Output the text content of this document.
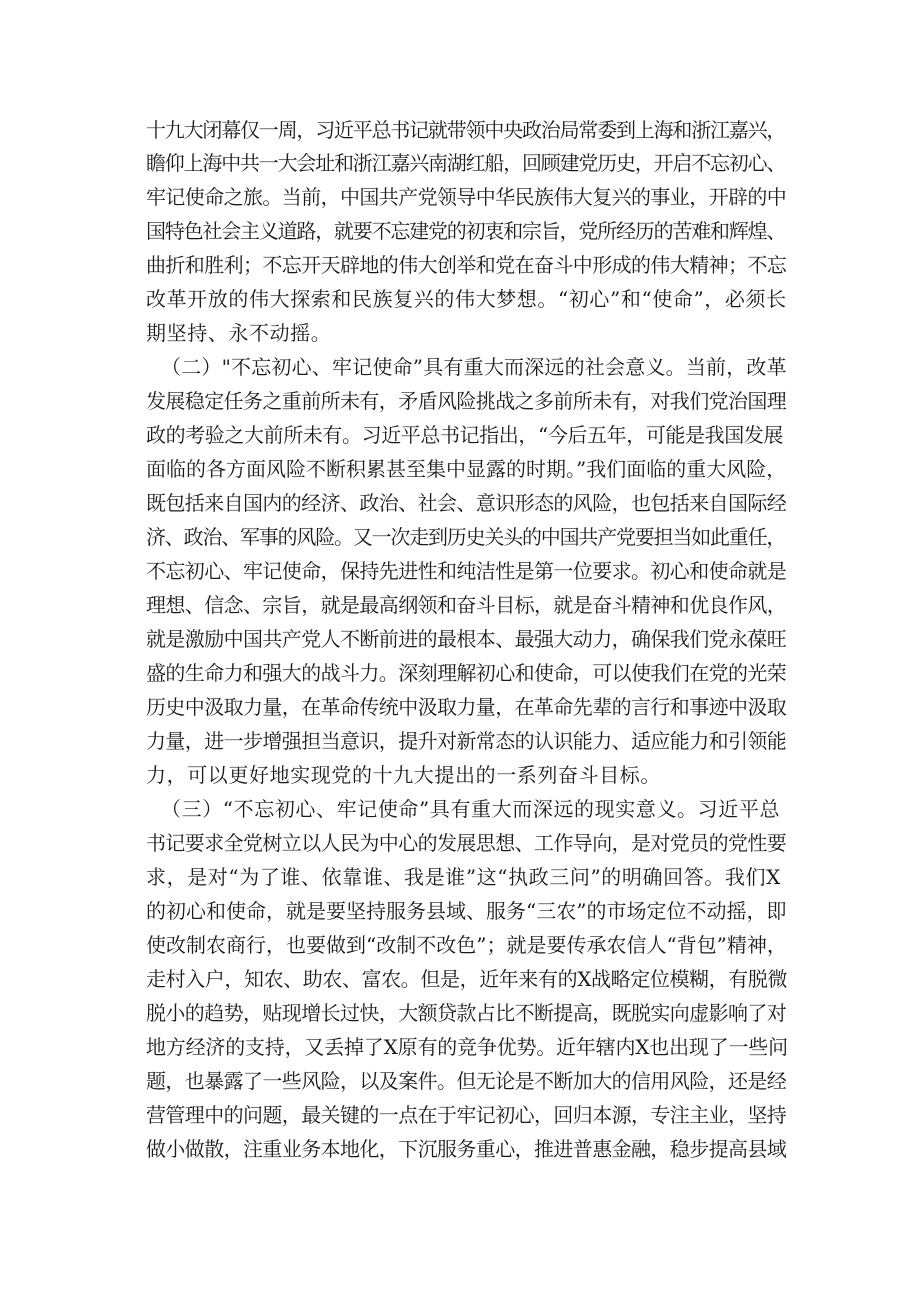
十九大闭幕仅一周，习近平总书记就带领中央政治局常委到上海和浙江嘉兴，
瞻仰上海中共一大会址和浙江嘉兴南湖红船，回顾建党历史，开启不忘初心、
牢记使命之旅。当前，中国共产党领导中华民族伟大复兴的事业，开辟的中
国特色社会主义道路，就要不忘建党的初衷和宗旨，党所经历的苦难和辉煌、
曲折和胜利；不忘开天辟地的伟大创举和党在奋斗中形成的伟大精神；不忘
改革开放的伟大探索和民族复兴的伟大梦想。“初心”和“使命”，必须长
期坚持、永不动摇。
（二）"不忘初心、牢记使命”具有重大而深远的社会意义。当前，改革
发展稳定任务之重前所未有，矛盾风险挑战之多前所未有，对我们党治国理
政的考验之大前所未有。习近平总书记指出，“今后五年，可能是我国发展
面临的各方面风险不断积累甚至集中显露的时期。”我们面临的重大风险，
既包括来自国内的经济、政治、社会、意识形态的风险，也包括来自国际经
济、政治、军事的风险。又一次走到历史关头的中国共产党要担当如此重任，
不忘初心、牢记使命，保持先进性和纯洁性是第一位要求。初心和使命就是
理想、信念、宗旨，就是最高纲领和奋斗目标，就是奋斗精神和优良作风，
就是激励中国共产党人不断前进的最根本、最强大动力，确保我们党永葆旺
盛的生命力和强大的战斗力。深刻理解初心和使命，可以使我们在党的光荣
历史中汲取力量，在革命传统中汲取力量，在革命先辈的言行和事迹中汲取
力量，进一步增强担当意识，提升对新常态的认识能力、适应能力和引领能
力，可以更好地实现党的十九大提出的一系列奋斗目标。
（三）“不忘初心、牢记使命”具有重大而深远的现实意义。习近平总
书记要求全党树立以人民为中心的发展思想、工作导向，是对党员的党性要
求，是对“为了谁、依靠谁、我是谁”这“执政三问”的明确回答。我们X
的初心和使命，就是要坚持服务县域、服务“三农”的市场定位不动摇，即
使改制农商行，也要做到“改制不改色”；就是要传承农信人“背包”精神，
走村入户，知农、助农、富农。但是，近年来有的X战略定位模糊，有脱微
脱小的趋势，贴现增长过快，大额贷款占比不断提高，既脱实向虚影响了对
地方经济的支持，又丢掉了X原有的竞争优势。近年辖内X也出现了一些问
题，也暴露了一些风险，以及案件。但无论是不断加大的信用风险，还是经
营管理中的问题，最关键的一点在于牢记初心，回归本源，专注主业，坚持
做小做散，注重业务本地化，下沉服务重心，推进普惠金融，稳步提高县域
